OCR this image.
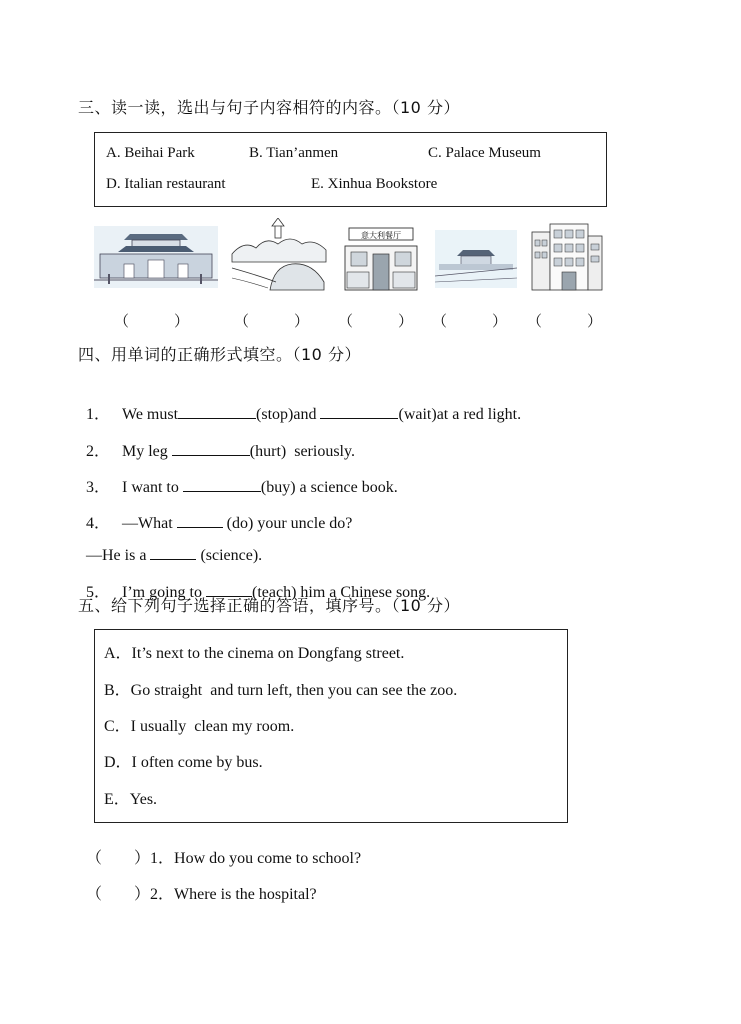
三、读一读，选出与句子内容相符的内容。（10 分）
A. Beihai Park	B. Tian’anmen	C. Palace Museum
D. Italian restaurant	E. Xinhua Bookstore
意大利餐厅
（　　　）	（　　　） （　　　） （　　　） （　　　）
四、用单词的正确形式填空。（10 分）

1． We must	(stop)and	(wait)at a red light.

2． My leg	(hurt)  seriously.

3． I want to	(buy) a science book.

4． —What	(do) your uncle do?

—He is a	(science).

5． I’m going to	(teach) him a Chinese song.

五、给下列句子选择正确的答语，填序号。（10 分）
A．It’s next to the cinema on Dongfang street.
B．Go straight  and turn left, then you can see the zoo.
C．I usually  clean my room.
D．I often come by bus.
E．Yes.

（　　）1．How do you come to school?

（　　）2．Where is the hospital?
